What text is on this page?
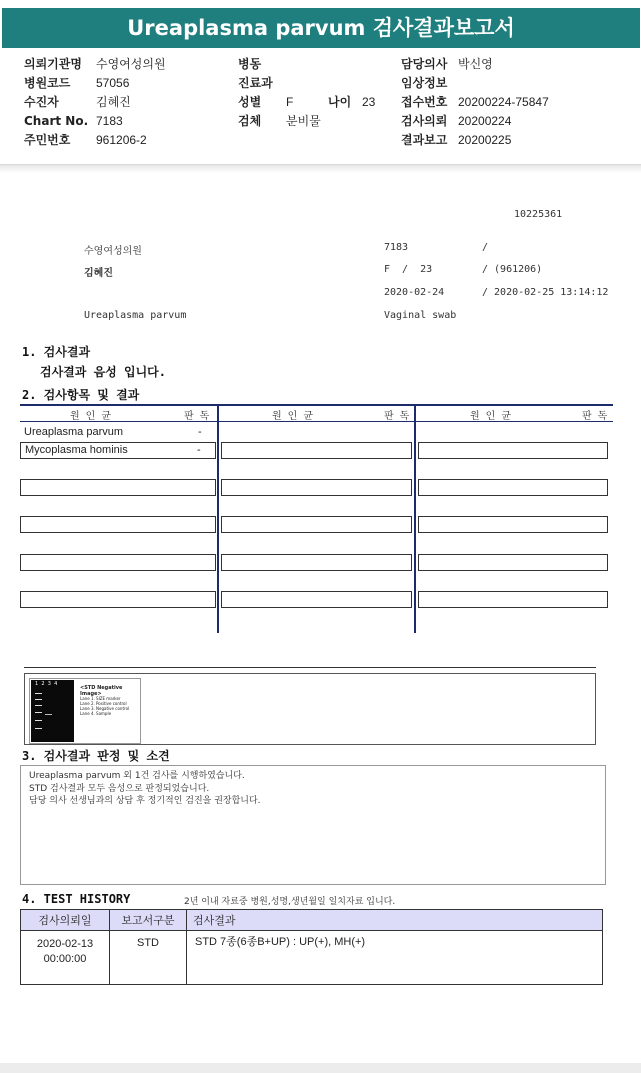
Ureaplasma parvum 검사결과보고서
의뢰기관명 수영여성의원
병원코드 57056
수진자	김혜진
Chart No. 7183
주민번호 961206-2
병동
진료과
성별 F	나이 23
검체 분비물
담당의사 박신영
임상정보
접수번호 20200224-75847
검사의뢰 20200224
결과보고 20200225
10225361
수영여성의원	7183	/
김혜진	F  /  23	/ (961206)
2020-02-24	/ 2020-02-25 13:14:12
Ureaplasma parvum	Vaginal swab
1. 검사결과
검사결과 음성 입니다.
2. 검사항목 및 결과
원 인 균	판 독	원 인 균	판 독	원 인 균	판 독
Ureaplasma parvum	-
Mycoplasma hominis	-
1  2  3  4
<STD Negative Image>
Lane 1. SIZE marker
Lane 2. Positive control
Lane 3. Negative control
Lane 4. Sample
3. 검사결과 판정 및 소견
Ureaplasma parvum 외 1건 검사를 시행하였습니다.
STD 검사결과 모두 음성으로 판정되었습니다.
담당 의사 선생님과의 상담 후 정기적인 검진을 권장합니다.
4. TEST HISTORY	2년 이내 자료중 병원,성명,생년월일 일치자료 입니다.
검사의뢰일	보고서구분	검사결과

2020-02-13
00:00:00	STD	STD 7종(6종B+UP) : UP(+), MH(+)
